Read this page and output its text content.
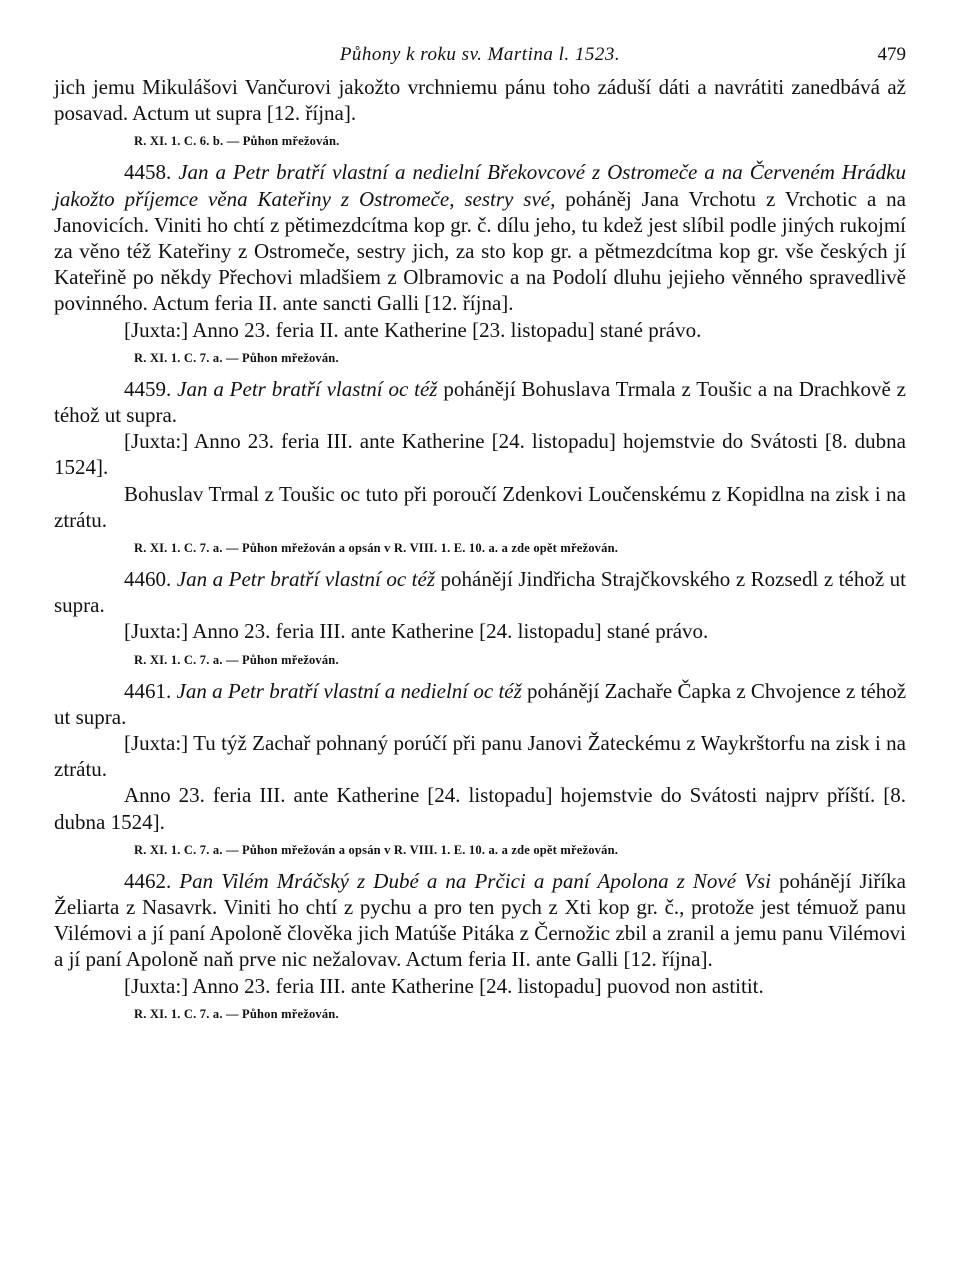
Půhony k roku sv. Martina l. 1523.	479

jich jemu Mikulášovi Vančurovi jakožto vrchniemu pánu toho záduší dáti a navrátiti zanedbává až posavad. Actum ut supra [12. října].

R. XI. 1. C. 6. b. — Půhon mřežován.

4458. Jan a Petr bratří vlastní a nedielní Břekovcové z Ostromeče a na Červeném Hrádku jakožto příjemce věna Kateřiny z Ostromeče, sestry své, poháněj Jana Vrchotu z Vrchotic a na Janovicích. Viniti ho chtí z pětimezdcítma kop gr. č. dílu jeho, tu kdež jest slíbil podle jiných rukojmí za věno též Kateřiny z Ostromeče, sestry jich, za sto kop gr. a pětmezdcítma kop gr. vše českých jí Kateřině po někdy Přechovi mladšiem z Olbramovic a na Podolí dluhu jejieho věnného spravedlivě povinného. Actum feria II. ante sancti Galli [12. října].

[Juxta:] Anno 23. feria II. ante Katherine [23. listopadu] stané právo.

R. XI. 1. C. 7. a. — Půhon mřežován.

4459. Jan a Petr bratří vlastní oc též pohánějí Bohuslava Trmala z Toušic a na Drachkově z téhož ut supra.

[Juxta:] Anno 23. feria III. ante Katherine [24. listopadu] hojemstvie do Svátosti [8. dubna 1524].

Bohuslav Trmal z Toušic oc tuto při poroučí Zdenkovi Loučenskému z Kopidlna na zisk i na ztrátu.

R. XI. 1. C. 7. a. — Půhon mřežován a opsán v R. VIII. 1. E. 10. a. a zde opět mřežován.

4460. Jan a Petr bratří vlastní oc též pohánějí Jindřicha Strajčkovského z Rozsedl z téhož ut supra.

[Juxta:] Anno 23. feria III. ante Katherine [24. listopadu] stané právo.

R. XI. 1. C. 7. a. — Půhon mřežován.

4461. Jan a Petr bratří vlastní a nedielní oc též pohánějí Zachaře Čapka z Chvojence z téhož ut supra.

[Juxta:] Tu týž Zachař pohnaný porúčí při panu Janovi Žateckému z Waykrštorfu na zisk i na ztrátu.

Anno 23. feria III. ante Katherine [24. listopadu] hojemstvie do Svátosti najprv příští. [8. dubna 1524].

R. XI. 1. C. 7. a. — Půhon mřežován a opsán v R. VIII. 1. E. 10. a. a zde opět mřežován.

4462. Pan Vilém Mráčský z Dubé a na Prčici a paní Apolona z Nové Vsi pohánějí Jiříka Želiarta z Nasavrk. Viniti ho chtí z pychu a pro ten pych z Xti kop gr. č., protože jest témuož panu Vilémovi a jí paní Apoloně člověka jich Matúše Pitáka z Černožic zbil a zranil a jemu panu Vilémovi a jí paní Apoloně naň prve nic nežalovav. Actum feria II. ante Galli [12. října].

[Juxta:] Anno 23. feria III. ante Katherine [24. listopadu] puovod non astitit.

R. XI. 1. C. 7. a. — Půhon mřežován.
